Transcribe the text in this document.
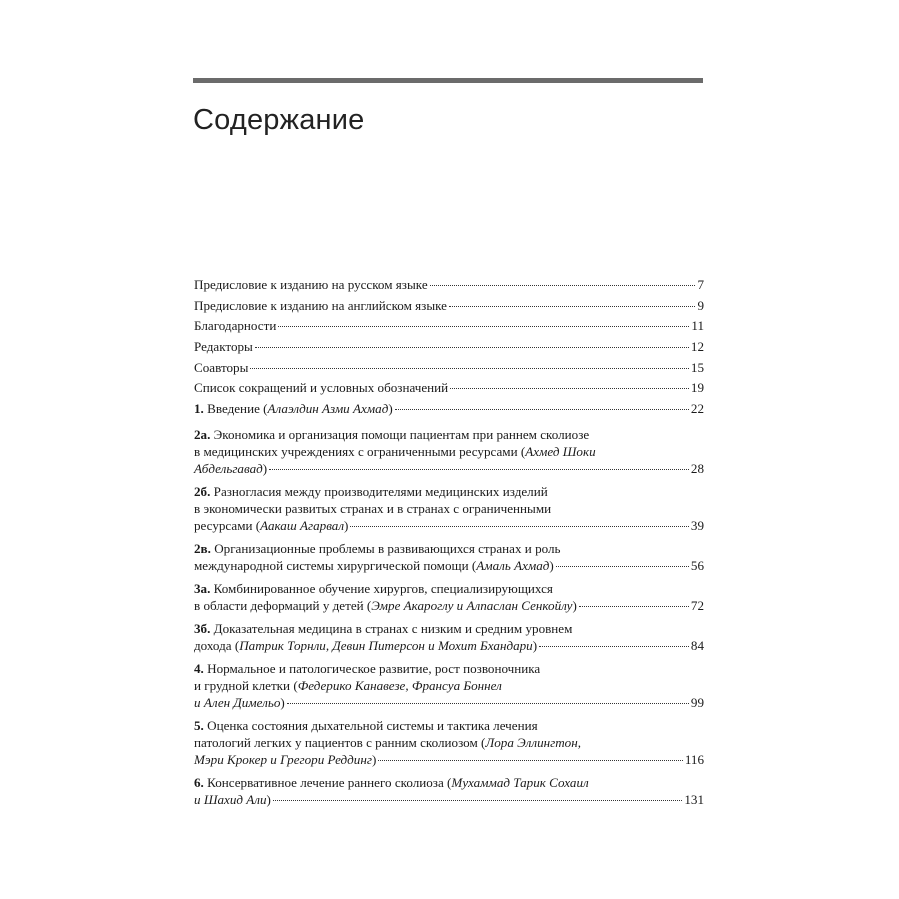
Содержание
Предисловие к изданию на русском языке	7
Предисловие к изданию на английском языке	9
Благодарности	11
Редакторы	12
Соавторы	15
Список сокращений и условных обозначений	19
1. Введение (Алаэлдин Азми Ахмад)	22
2а. Экономика и организация помощи пациентам при раннем сколиозе
в медицинских учреждениях с ограниченными ресурсами (Ахмед Шоки
Абдельгавад)	28
2б. Разногласия между производителями медицинских изделий
в экономически развитых странах и в странах с ограниченными
ресурсами (Аакаш Агарвал)	39
2в. Организационные проблемы в развивающихся странах и роль
международной системы хирургической помощи (Амаль Ахмад)	56
3а. Комбинированное обучение хирургов, специализирующихся
в области деформаций у детей (Эмре Акароглу и Алпаслан Сенкойлу)	72
3б. Доказательная медицина в странах с низким и средним уровнем
дохода (Патрик Торнли, Девин Питерсон и Мохит Бхандари)	84
4. Нормальное и патологическое развитие, рост позвоночника
и грудной клетки (Федерико Канавезе, Франсуа Боннел
и Ален Димельо)	99
5. Оценка состояния дыхательной системы и тактика лечения
патологий легких у пациентов с ранним сколиозом (Лора Эллингтон,
Мэри Крокер и Грегори Реддинг)	116
6. Консервативное лечение раннего сколиоза (Мухаммад Тарик Сохаил
и Шахид Али)	131
